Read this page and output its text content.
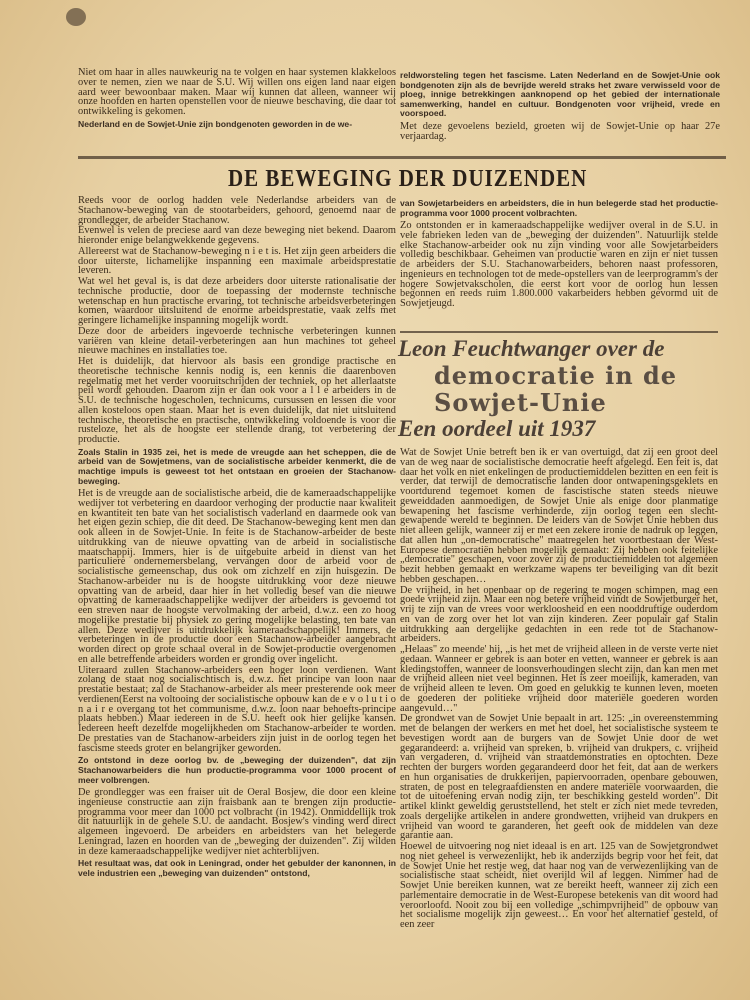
Niet om haar in alles nauwkeurig na te volgen en haar systemen klakkeloos over te nemen, zien we naar de S.U. Wij willen ons eigen land naar eigen aard weer bewoonbaar maken. Maar wij kunnen dat alleen, wanneer wij onze hoofden en harten openstellen voor de nieuwe beschaving, die daar tot ontwikkeling is gekomen.

Nederland en de Sowjet-Unie zijn bondgenoten geworden in de we-

reldworsteling tegen het fascisme. Laten Nederland en de Sowjet-Unie ook bondgenoten zijn als de bevrijde wereld straks het zware verwisseld voor de ploeg, innige betrekkingen aanknopend op het gebied der internationale samenwerking, handel en cultuur. Bondgenoten voor vrijheid, vrede en voorspoed.

Met deze gevoelens bezield, groeten wij de Sowjet-Unie op haar 27e verjaardag.

DE BEWEGING DER DUIZENDEN

Reeds voor de oorlog hadden vele Nederlandse arbeiders van de Stachanow-beweging van de stootarbeiders, gehoord, genoemd naar de grondlegger, de arbeider Stachanow.

Evenwel is velen de preciese aard van deze beweging niet bekend. Daarom hieronder enige belangwekkende gegevens.

Allereerst wat de Stachanow-beweging n i e t is. Het zijn geen arbeiders die door uiterste, lichamelijke inspanning een maximale arbeidsprestatie leveren.

Wat wel het geval is, is dat deze arbeiders door uiterste rationalisatie der technische productie, door de toepassing der modernste technische wetenschap en hun practische ervaring, tot technische arbeidsverbeteringen komen, waardoor uitsluitend de enorme arbeidsprestatie, vaak zelfs met geringere lichamelijke inspanning mogelijk wordt.

Deze door de arbeiders ingevoerde technische verbeteringen kunnen variëren van kleine detail-verbeteringen aan hun machines tot geheel nieuwe machines en installaties toe.

Het is duidelijk, dat hiervoor als basis een grondige practische en theoretische technische kennis nodig is, een kennis die daarenboven regelmatig met het verder vooruitschrijden der techniek, op het allerlaatste peil wordt gehouden. Daarom zijn er dan ook voor a l l e arbeiders in de S.U. de technische hogescholen, technicums, cursussen en lessen die voor allen kosteloos open staan. Maar het is even duidelijk, dat niet uitsluitend technische, theoretische en practische, ontwikkeling voldoende is voor die rusteloze, het als de hoogste eer stellende drang, tot verbetering der productie.

Zoals Stalin in 1935 zei, het is mede de vreugde aan het scheppen, die de arbeid van de Sowjetmens, van de socialistische arbeider kenmerkt, die de machtige impuls is geweest tot het ontstaan en groeien der Stachanow-beweging.

Het is de vreugde aan de socialistische arbeid, die de kameraadschappelijke wedijver tot verbetering en daardoor verhoging der productie naar kwaliteit en kwantiteit ten bate van het socialistisch vaderland en daarmede ook van het eigen gezin schiep, die dit deed. De Stachanow-beweging kent men dan ook alleen in de Sowjet-Unie. In feite is de Stachanow-arbeider de beste uitdrukking van de nieuwe opvatting van de arbeid in socialistische maatschappij. Immers, hier is de uitgebuite arbeid in dienst van het particuliere ondernemersbelang, vervangen door de arbeid voor de socialistische gemeenschap, dus ook om zichzelf en zijn huisgezin. De Stachanow-arbeider nu is de hoogste uitdrukking voor deze nieuwe opvatting van de arbeid, daar hier in het volledig besef van die nieuwe opvatting de kameraadschappelijke wedijver der arbeiders is gevoemd tot een streven naar de hoogste vervolmaking der arbeid, d.w.z. een zo hoog mogelijke prestatie bij physiek zo gering mogelijke belasting, ten bate van allen. Deze wedijver is uitdrukkelijk kameraadschappelijk! Immers, de verbeteringen in de productie door een Stachanow-arbeider aangebracht worden direct op grote schaal overal in de Sowjet-productie overgenomen en alle betreffende arbeiders worden er grondig over ingelicht.

Uiteraard zullen Stachanow-arbeiders een hoger loon verdienen. Want zolang de staat nog socialischtisch is, d.w.z. het principe van loon naar prestatie bestaat; zal de Stachanow-arbeider als meer presterende ook meer verdienen(Eerst na voltooing der socialistische opbouw kan de e v o l u t i o n a i r e overgang tot het communisme, d.w.z. loon naar behoefts-principe plaats hebben.) Maar iedereen in de S.U. heeft ook hier gelijke kansen. Iedereen heeft dezelfde mogelijkheden om Stachanow-arbeider te worden. De prestaties van de Stachanow-arbeiders zijn juist in de oorlog tegen het fascisme steeds groter en belangrijker geworden.

Zo ontstond in deze oorlog bv. de „beweging der duizenden", dat zijn Stachanowarbeiders die hun productie-programma voor 1000 procent of meer volbrengen.

De grondlegger was een fraiser uit de Oeral Bosjew, die door een kleine ingenieuse constructie aan zijn fraisbank aan te brengen zijn productie-programma voor meer dan 1000 pct volbracht (in 1942). Onmiddellijk trok dit natuurlijk in de gehele S.U. de aandacht. Bosjew's vinding werd direct algemeen ingevoerd. De arbeiders en arbeidsters van het belegerde Leningrad, lazen en hoorden van de „beweging der duizenden". Zij wilden in deze kameraadschappelijke wedijver niet achterblijven.

Het resultaat was, dat ook in Leningrad, onder het gebulder der kanonnen, in vele industrien een „beweging van duizenden" ontstond,

van Sowjetarbeiders en arbeidsters, die in hun belegerde stad het productie-programma voor 1000 procent volbrachten.

Zo ontstonden er in kameraadschappelijke wedijver overal in de S.U. in vele fabrieken leden van de „beweging der duizenden". Natuurlijk stelde elke Stachanow-arbeider ook nu zijn vinding voor alle Sowjetarbeiders volledig beschikbaar. Geheimen van productie waren en zijn er niet tussen de arbeiders der S.U. Stachanowarbeiders, behoren naast professoren, ingenieurs en technologen tot de mede-opstellers van de leerprogramm's der hogere Sowjetvakscholen, die eerst kort voor de oorlog hun lessen begonnen en reeds ruim 1.800.000 vakarbeiders hebben gevormd uit de Sowjetjeugd.

Leon Feuchtwanger over de
democratie in de
Sowjet-Unie
Een oordeel uit 1937

Wat de Sowjet Unie betreft ben ik er van overtuigd, dat zij een groot deel van de weg naar de socialistische democratie heeft afgelegd. Een feit is, dat daar het volk en niet enkelingen de productiemiddelen bezitten en een feit is verder, dat terwijl de democratische landen door ontwapeningsgeklets en voortdurend tegemoet komen de fascistische staten steeds nieuwe geweiddaden aanmoedigen, de Sowjet Unie als enige door planmatige bewapening het fascisme verhinderde, zijn oorlog tegen een slecht-gewapende wereld te beginnen. De leiders van de Sowjet Unie hebben dus niet alleen gelijk, wanneer zij er met een zekere ironie de nadruk op leggen, dat allen hun „on-democratische" maatregelen het voortbestaan der West-Europese democratiën hebben mogelijk gemaakt: Zij hebben ook feitelijke „democratie" geschapen, voor zover zij de productiemiddelen tot algemeen bezit hebben gemaakt en werkzame wapens ter beveiliging van dit bezit hebben geschapen…

De vrijheid, in het openbaar op de regering te mogen schimpen, mag een goede vrijheid zijn. Maar een nog betere vrijheid vindt de Sowjetburger het, vrij te zijn van de vrees voor werkloosheid en een nooddruftige ouderdom en van de zorg over het lot van zijn kinderen. Zeer populair gaf Stalin uitdrukking aan dergelijke gedachten in een rede tot de Stachanow-arbeiders.

„Helaas" zo meende' hij, „is het met de vrijheid alleen in de verste verte niet gedaan. Wanneer er gebrek is aan boter en vetten, wanneer er gebrek is aan kledingstoffen, wanneer de loonsverhoudingen slecht zijn, dan kan men met de vrijheid alleen niet veel beginnen. Het is zeer moeilijk, kameraden, van de vrijheid alleen te leven. Om goed en gelukkig te kunnen leven, moeten de goederen der politieke vrijheid door materiële goederen worden aangevuld…"

De grondwet van de Sowjet Unie bepaalt in art. 125: „in overeenstemming met de belangen der werkers en met het doel, het socialistische systeem te bevestigen wordt aan de burgers van de Sowjet Unie door de wet gegarandeerd: a. vrijheid van spreken, b. vrijheid van drukpers, c. vrijheid van vergaderen, d. vrijheid van straatdemonstraties en optochten. Deze rechten der burgers worden gegarandeerd door het feit, dat aan de werkers en hun organisaties de drukkerijen, papiervoorraden, openbare gebouwen, straten, de post en telegraafdiensten en andere materiële voorwaarden, die tot de uitoefening ervan nodig zijn, ter beschikking gesteld worden". Dit artikel klinkt geweldig geruststellend, het stelt er zich niet mede tevreden, zoals dergelijke artikelen in andere grondwetten, vrijheid van drukpers en vrijheid van woord te garanderen, het geeft ook de middelen van deze garantie aan.

Hoewel de uitvoering nog niet ideaal is en art. 125 van de Sowjetgrondwet nog niet geheel is verwezenlijkt, heb ik anderzijds begrip voor het feit, dat de Sowjet Unie het restje weg, dat haar nog van de verwezenlijking van de socialistische staat scheidt, niet overijld wil af leggen. Nimmer had de Sowjet Unie bereiken kunnen, wat ze bereikt heeft, wanneer zij zich een parlementaire democratie in de West-Europese betekenis van dit woord had veroorloofd. Nooit zou bij een volledige „schimpvrijheid" de opbouw van het socialisme mogelijk zijn geweest… En voor het alternatief gesteld, of een zeer
